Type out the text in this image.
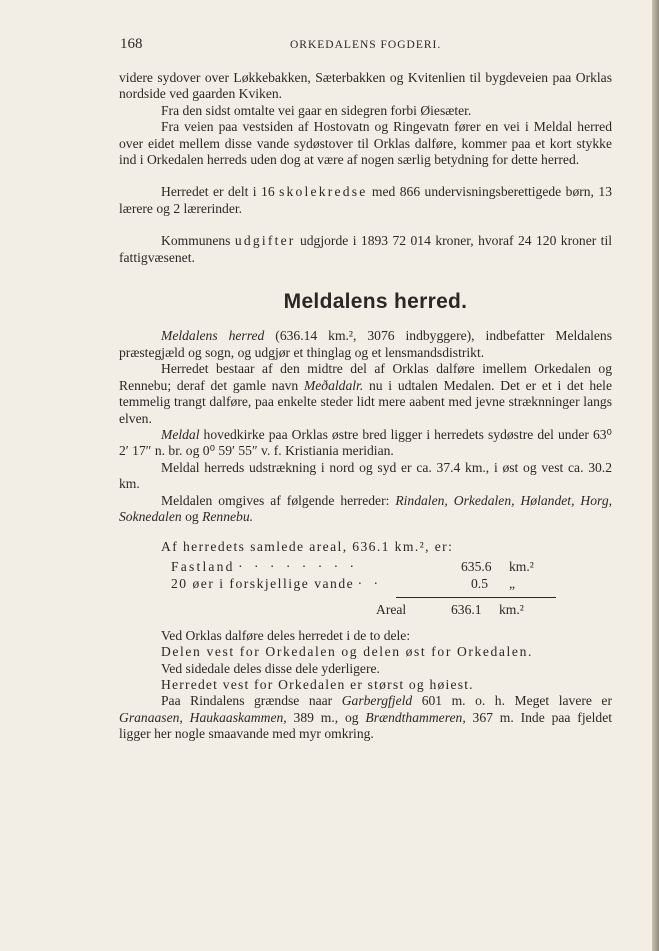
168	ORKEDALENS FOGDERI.

videre sydover over Løkkebakken, Sæterbakken og Kvitenlien til bygdeveien paa Orklas nordside ved gaarden Kviken.

Fra den sidst omtalte vei gaar en sidegren forbi Øiesæter.

Fra veien paa vestsiden af Hostovatn og Ringevatn fører en vei i Meldal herred over eidet mellem disse vande sydøstover til Orklas dalføre, kommer paa et kort stykke ind i Orkedalen herreds uden dog at være af nogen særlig betydning for dette herred.

Herredet er delt i 16 skolekredse med 866 undervisningsberettigede børn, 13 lærere og 2 lærerinder.

Kommunens udgifter udgjorde i 1893 72 014 kroner, hvoraf 24 120 kroner til fattigvæsenet.

Meldalens herred.

Meldalens herred (636.14 km.², 3076 indbyggere), indbefatter Meldalens præstegjæld og sogn, og udgjør et thinglag og et lensmandsdistrikt.

Herredet bestaar af den midtre del af Orklas dalføre imellem Orkedalen og Rennebu; deraf det gamle navn Meðaldalr. nu i udtalen Medalen. Det er et i det hele temmelig trangt dalføre, paa enkelte steder lidt mere aabent med jevne stræknninger langs elven.

Meldal hovedkirke paa Orklas østre bred ligger i herredets sydøstre del under 63⁰ 2′ 17″ n. br. og 0⁰ 59′ 55″ v. f. Kristiania meridian.

Meldal herreds udstrækning i nord og syd er ca. 37.4 km., i øst og vest ca. 30.2 km.

Meldalen omgives af følgende herreder: Rindalen, Orkedalen, Hølandet, Horg, Soknedalen og Rennebu.

Af herredets samlede areal, 636.1 km.², er:

Fastland · · · · · · · ·	635.6 km.²
20 øer i forskjellige vande · ·	0.5 „
Areal	636.1 km.²

Ved Orklas dalføre deles herredet i de to dele:

Delen vest for Orkedalen og delen øst for Orkedalen.

Ved sidedale deles disse dele yderligere.

Herredet vest for Orkedalen er størst og høiest.

Paa Rindalens grændse naar Garbergfjeld 601 m. o. h. Meget lavere er Granaasen, Haukaaskammen, 389 m., og Brændthammeren, 367 m. Inde paa fjeldet ligger her nogle smaavande med myr omkring.
